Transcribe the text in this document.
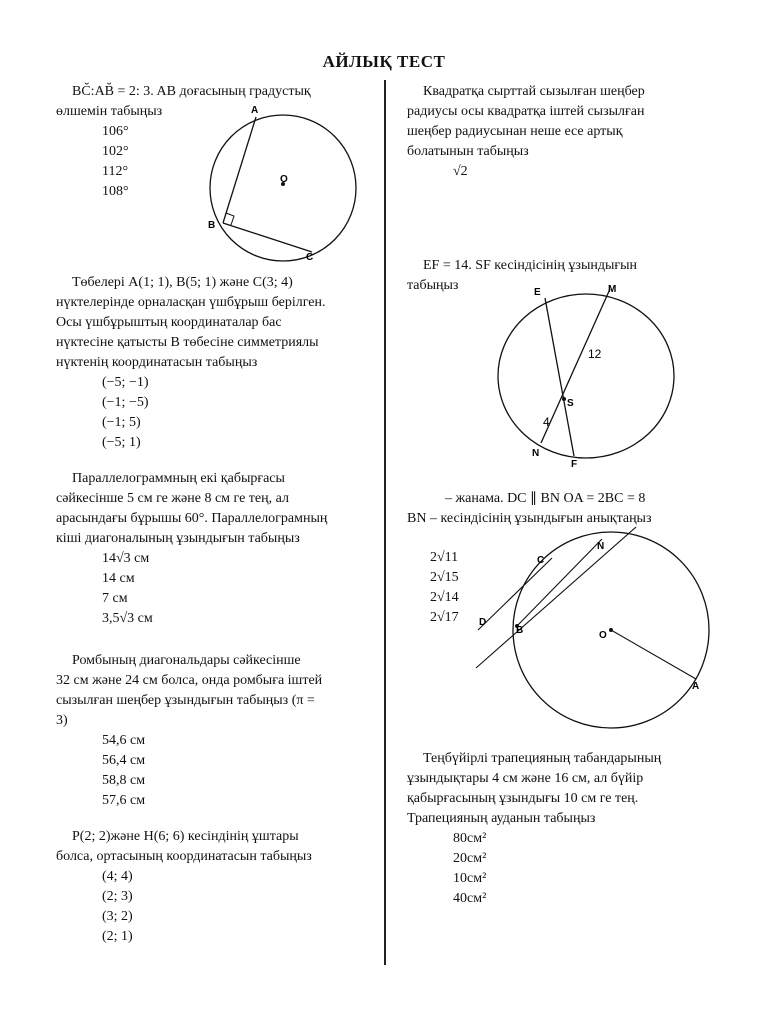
АЙЛЫҚ ТЕСТ

BC̆:AB̆ = 2: 3. AB доғасының градустық

өлшемін табыңыз

106°
102°
112°
108°
A
B
C
O

Төбелері A(1; 1), B(5; 1) және C(3; 4)

нүктелерінде орналасқан үшбұрыш берілген.

Осы үшбұрыштың координаталар бас

нүктесіне қатысты B төбесіне симметриялы

нүктенің координатасын табыңыз

(−5; −1)
(−1; −5)
(−1; 5)
(−5; 1)

Параллелограммның екі қабырғасы

сәйкесінше 5 см ге және 8 см ге тең, ал

арасындағы бұрышы 60°. Параллелограмның

кіші диагоналының ұзындығын табыңыз

14√3 см
14 см
7 см
3,5√3 см

Ромбының диагональдары сәйкесінше

32 см және 24 см болса, онда ромбыға іштей

сызылған шеңбер ұзындығын табыңыз (π =

3)

54,6 см
56,4 см
58,8 см
57,6 см

P(2; 2)және H(6; 6) кесіндінің ұштары

болса, ортасының координатасын табыңыз

(4; 4)
(2; 3)
(3; 2)
(2; 1)

Квадратқа сырттай сызылған шеңбер

радиусы осы квадратқа іштей сызылған

шеңбер радиусынан неше есе артық

болатынын табыңыз

√2

EF = 14. SF кесіндісінің ұзындығын

табыңыз	E	M
S
N
F
12
4

– жанама. DC ∥ BN OA = 2BC = 8

BN – кесіндісінің ұзындығын анықтаңыз

2√11
2√15
2√14
2√17
C
N
D
B	O
A

Теңбүйірлі трапецияның табандарының

ұзындықтары 4 см және 16 см, ал бүйір

қабырғасының ұзындығы 10 см ге тең.

Трапецияның ауданын табыңыз

80см²
20см²
10см²
40см²
